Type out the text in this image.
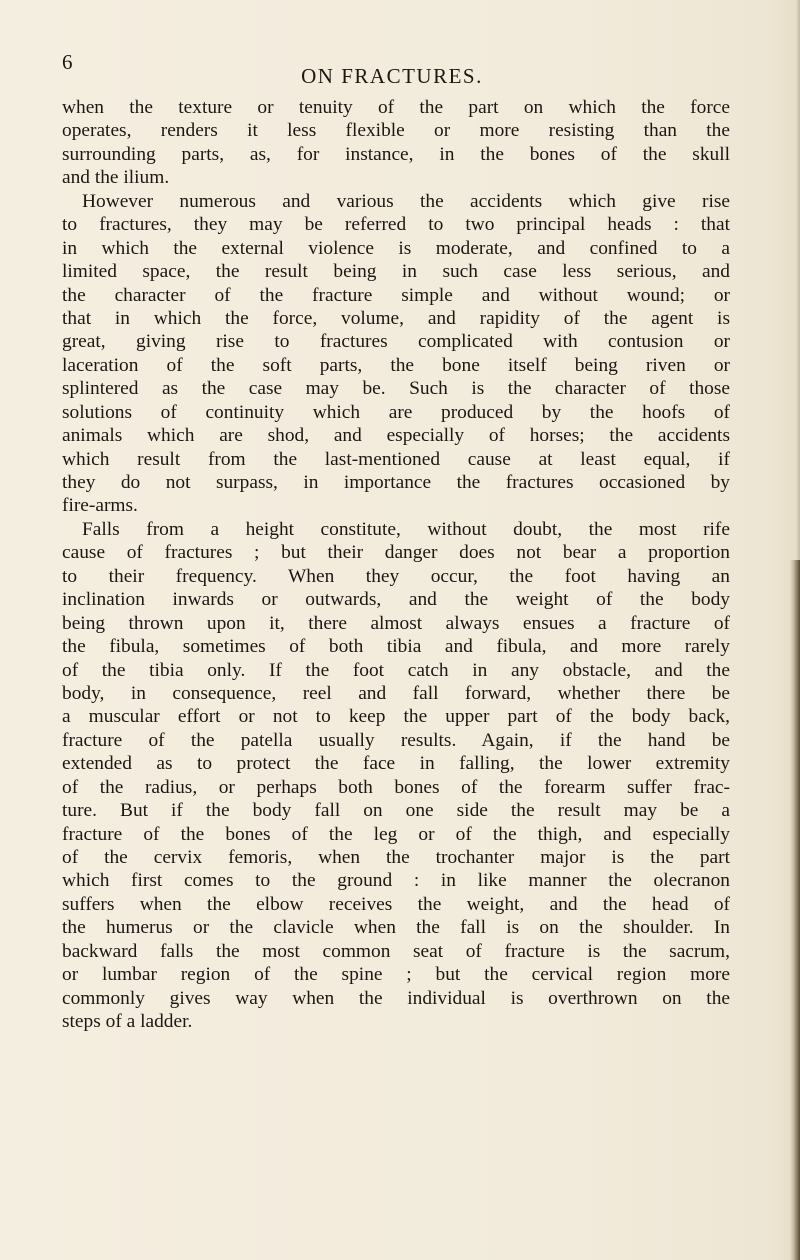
6
ON FRACTURES.
when the texture or tenuity of the part on which the force
operates, renders it less flexible or more resisting than the
surrounding parts, as, for instance, in the bones of the skull
and the ilium.
However numerous and various the accidents which give rise
to fractures, they may be referred to two principal heads : that
in which the external violence is moderate, and confined to a
limited space, the result being in such case less serious, and
the character of the fracture simple and without wound; or
that in which the force, volume, and rapidity of the agent is
great, giving rise to fractures complicated with contusion or
laceration of the soft parts, the bone itself being riven or
splintered as the case may be. Such is the character of those
solutions of continuity which are produced by the hoofs of
animals which are shod, and especially of horses; the accidents
which result from the last-mentioned cause at least equal, if
they do not surpass, in importance the fractures occasioned by
fire-arms.
Falls from a height constitute, without doubt, the most rife
cause of fractures ; but their danger does not bear a proportion
to their frequency. When they occur, the foot having an
inclination inwards or outwards, and the weight of the body
being thrown upon it, there almost always ensues a fracture of
the fibula, sometimes of both tibia and fibula, and more rarely
of the tibia only. If the foot catch in any obstacle, and the
body, in consequence, reel and fall forward, whether there be
a muscular effort or not to keep the upper part of the body back,
fracture of the patella usually results. Again, if the hand be
extended as to protect the face in falling, the lower extremity
of the radius, or perhaps both bones of the forearm suffer frac-
ture. But if the body fall on one side the result may be a
fracture of the bones of the leg or of the thigh, and especially
of the cervix femoris, when the trochanter major is the part
which first comes to the ground : in like manner the olecranon
suffers when the elbow receives the weight, and the head of
the humerus or the clavicle when the fall is on the shoulder. In
backward falls the most common seat of fracture is the sacrum,
or lumbar region of the spine ; but the cervical region more
commonly gives way when the individual is overthrown on the
steps of a ladder.
